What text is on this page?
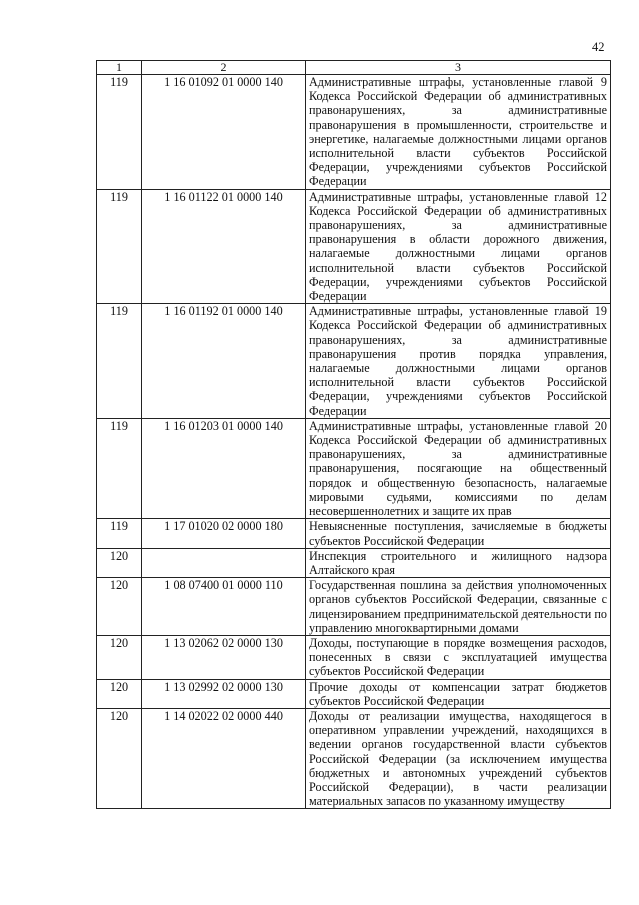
42
1	2	3
119	1 16 01092 01 0000 140	Административные штрафы, установленные главой 9 Кодекса Российской Федерации об административных правонарушениях, за административные правонарушения в промышленности, строительстве и энергетике, налагаемые должностными лицами органов исполнительной власти субъектов Российской Федерации, учреждениями субъектов Российской Федерации
119	1 16 01122 01 0000 140	Административные штрафы, установленные главой 12 Кодекса Российской Федерации об административных правонарушениях, за административные правонарушения в области дорожного движения, налагаемые должностными лицами органов исполнительной власти субъектов Российской Федерации, учреждениями субъектов Российской Федерации
119	1 16 01192 01 0000 140	Административные штрафы, установленные главой 19 Кодекса Российской Федерации об административных правонарушениях, за административные правонарушения против порядка управления, налагаемые должностными лицами органов исполнительной власти субъектов Российской Федерации, учреждениями субъектов Российской Федерации
119	1 16 01203 01 0000 140	Административные штрафы, установленные главой 20 Кодекса Российской Федерации об административных правонарушениях, за административные правонарушения, посягающие на общественный порядок и общественную безопасность, налагаемые мировыми судьями, комиссиями по делам несовершеннолетних и защите их прав
119	1 17 01020 02 0000 180	Невыясненные поступления, зачисляемые в бюджеты субъектов Российской Федерации
120		Инспекция строительного и жилищного надзора Алтайского края
120	1 08 07400 01 0000 110	Государственная пошлина за действия уполномоченных органов субъектов Российской Федерации, связанные с лицензированием предпринимательской деятельности по управлению многоквартирными домами
120	1 13 02062 02 0000 130	Доходы, поступающие в порядке возмещения расходов, понесенных в связи с эксплуатацией имущества субъектов Российской Федерации
120	1 13 02992 02 0000 130	Прочие доходы от компенсации затрат бюджетов субъектов Российской Федерации
120	1 14 02022 02 0000 440	Доходы от реализации имущества, находящегося в оперативном управлении учреждений, находящихся в ведении органов государственной власти субъектов Российской Федерации (за исключением имущества бюджетных и автономных учреждений субъектов Российской Федерации), в части реализации материальных запасов по указанному имуществу
